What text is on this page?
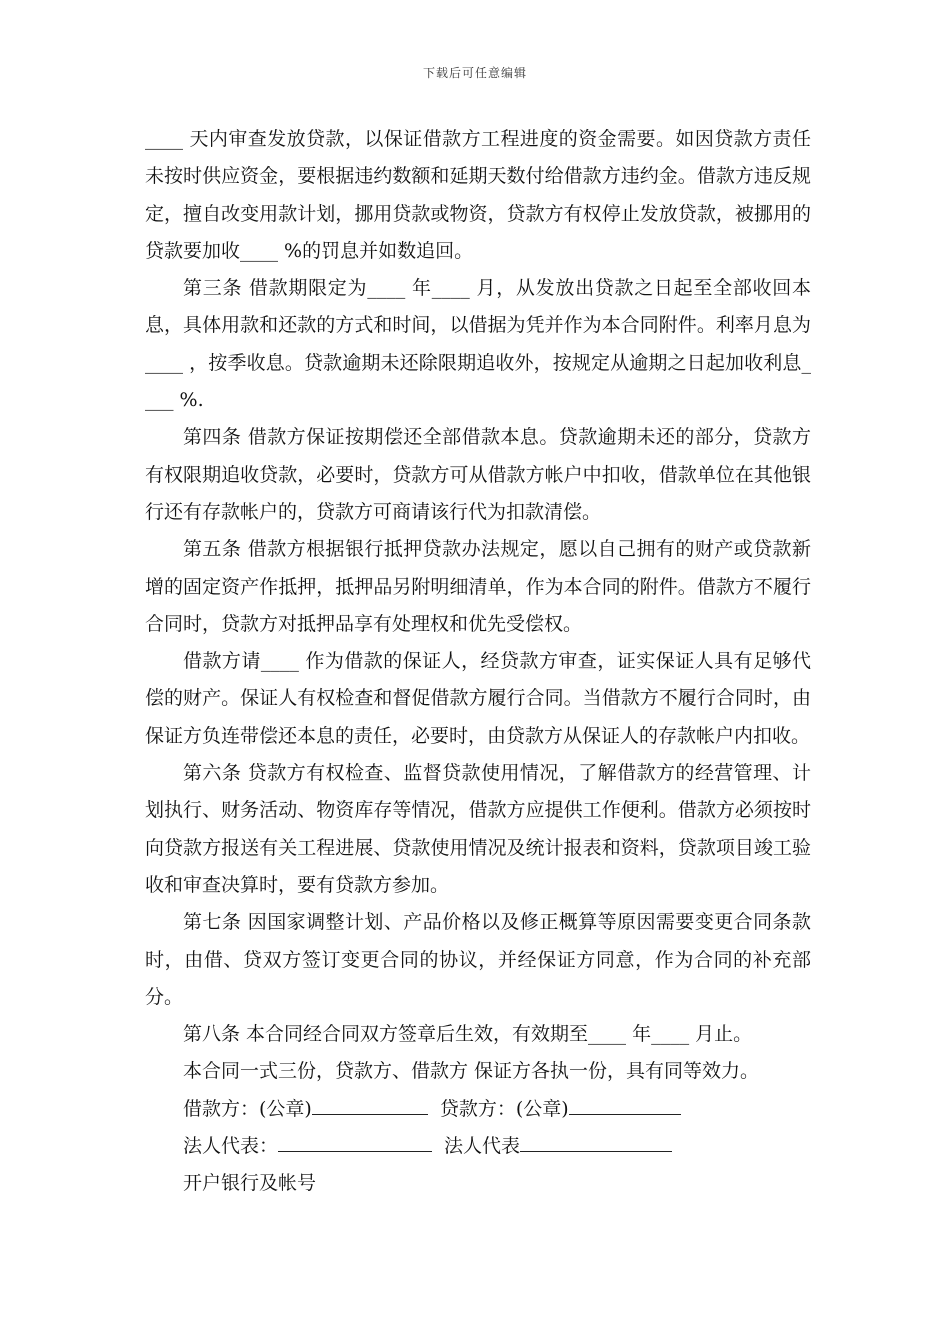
下载后可任意编辑

____ 天内审查发放贷款，以保证借款方工程进度的资金需要。如因贷款方责任未按时供应资金，要根据违约数额和延期天数付给借款方违约金。借款方违反规定，擅自改变用款计划，挪用贷款或物资，贷款方有权停止发放贷款，被挪用的贷款要加收____ %的罚息并如数追回。

第三条 借款期限定为____ 年____ 月，从发放出贷款之日起至全部收回本息，具体用款和还款的方式和时间，以借据为凭并作为本合同附件。利率月息为____ ，按季收息。贷款逾期未还除限期追收外，按规定从逾期之日起加收利息____ %.

第四条 借款方保证按期偿还全部借款本息。贷款逾期未还的部分，贷款方有权限期追收贷款，必要时，贷款方可从借款方帐户中扣收，借款单位在其他银行还有存款帐户的，贷款方可商请该行代为扣款清偿。

第五条 借款方根据银行抵押贷款办法规定，愿以自己拥有的财产或贷款新增的固定资产作抵押，抵押品另附明细清单，作为本合同的附件。借款方不履行合同时，贷款方对抵押品享有处理权和优先受偿权。

借款方请____ 作为借款的保证人，经贷款方审查，证实保证人具有足够代偿的财产。保证人有权检查和督促借款方履行合同。当借款方不履行合同时，由保证方负连带偿还本息的责任，必要时，由贷款方从保证人的存款帐户内扣收。

第六条 贷款方有权检查、监督贷款使用情况，了解借款方的经营管理、计划执行、财务活动、物资库存等情况，借款方应提供工作便利。借款方必须按时向贷款方报送有关工程进展、贷款使用情况及统计报表和资料，贷款项目竣工验收和审查决算时，要有贷款方参加。

第七条 因国家调整计划、产品价格以及修正概算等原因需要变更合同条款时，由借、贷双方签订变更合同的协议，并经保证方同意，作为合同的补充部分。

第八条 本合同经合同双方签章后生效，有效期至____ 年____ 月止。

本合同一式三份，贷款方、借款方 保证方各执一份，具有同等效力。

借款方：(公章)	贷款方：(公章)

法人代表：	法人代表

开户银行及帐号
